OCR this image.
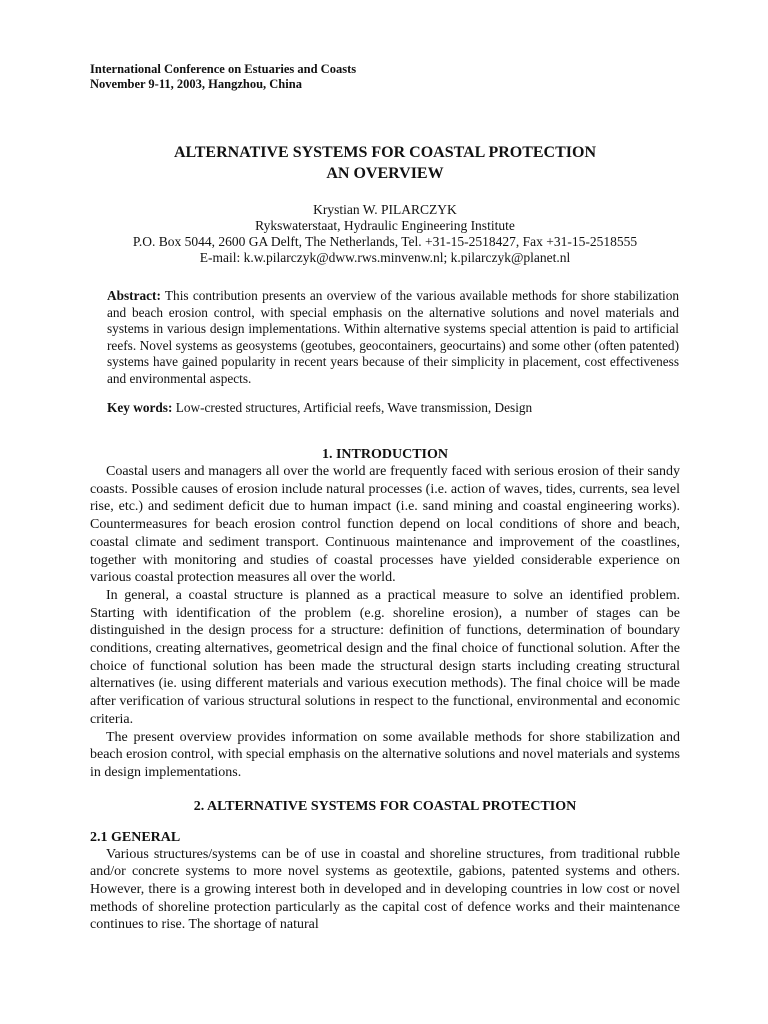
International Conference on Estuaries and Coasts
November 9-11, 2003, Hangzhou, China
ALTERNATIVE SYSTEMS FOR COASTAL PROTECTION
AN OVERVIEW
Krystian W. PILARCZYK
Rykswaterstaat, Hydraulic Engineering Institute
P.O. Box 5044, 2600 GA Delft, The Netherlands, Tel. +31-15-2518427, Fax +31-15-2518555
E-mail: k.w.pilarczyk@dww.rws.minvenw.nl; k.pilarczyk@planet.nl
Abstract: This contribution presents an overview of the various available methods for shore stabilization and beach erosion control, with special emphasis on the alternative solutions and novel materials and systems in various design implementations. Within alternative systems special attention is paid to artificial reefs. Novel systems as geosystems (geotubes, geocontainers, geocurtains) and some other (often patented) systems have gained popularity in recent years because of their simplicity in placement, cost effectiveness and environmental aspects.
Key words: Low-crested structures, Artificial reefs, Wave transmission, Design
1. INTRODUCTION

Coastal users and managers all over the world are frequently faced with serious erosion of their sandy coasts. Possible causes of erosion include natural processes (i.e. action of waves, tides, currents, sea level rise, etc.) and sediment deficit due to human impact (i.e. sand mining and coastal engineering works). Countermeasures for beach erosion control function depend on local conditions of shore and beach, coastal climate and sediment transport. Continuous maintenance and improvement of the coastlines, together with monitoring and studies of coastal processes have yielded considerable experience on various coastal protection measures all over the world.

In general, a coastal structure is planned as a practical measure to solve an identified problem. Starting with identification of the problem (e.g. shoreline erosion), a number of stages can be distinguished in the design process for a structure: definition of functions, determination of boundary conditions, creating alternatives, geometrical design and the final choice of functional solution. After the choice of functional solution has been made the structural design starts including creating structural alternatives (ie. using different materials and various execution methods). The final choice will be made after verification of various structural solutions in respect to the functional, environmental and economic criteria.

The present overview provides information on some available methods for shore stabilization and beach erosion control, with special emphasis on the alternative solutions and novel materials and systems in design implementations.

2. ALTERNATIVE SYSTEMS FOR COASTAL PROTECTION
2.1 GENERAL

Various structures/systems can be of use in coastal and shoreline structures, from traditional rubble and/or concrete systems to more novel systems as geotextile, gabions, patented systems and others. However, there is a growing interest both in developed and in developing countries in low cost or novel methods of shoreline protection particularly as the capital cost of defence works and their maintenance continues to rise. The shortage of natural
